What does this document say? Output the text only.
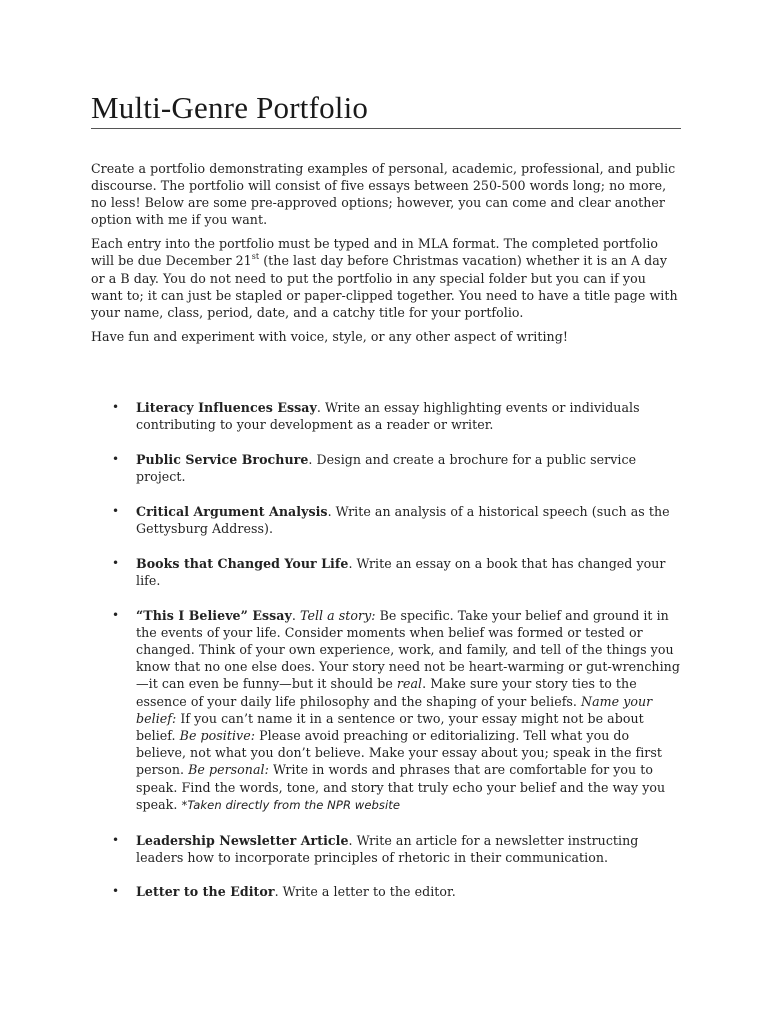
Multi-Genre Portfolio

Create a portfolio demonstrating examples of personal, academic, professional, and public discourse. The portfolio will consist of five essays between 250-500 words long; no more, no less! Below are some pre-approved options; however, you can come and clear another option with me if you want.

Each entry into the portfolio must be typed and in MLA format. The completed portfolio will be due December 21st (the last day before Christmas vacation) whether it is an A day or a B day. You do not need to put the portfolio in any special folder but you can if you want to; it can just be stapled or paper-clipped together. You need to have a title page with your name, class, period, date, and a catchy title for your portfolio.

Have fun and experiment with voice, style, or any other aspect of writing!

• Literacy Influences Essay. Write an essay highlighting events or individuals contributing to your development as a reader or writer.
• Public Service Brochure. Design and create a brochure for a public service project.
• Critical Argument Analysis. Write an analysis of a historical speech (such as the Gettysburg Address).
• Books that Changed Your Life. Write an essay on a book that has changed your life.
• “This I Believe” Essay. Tell a story: Be specific. Take your belief and ground it in the events of your life. Consider moments when belief was formed or tested or changed. Think of your own experience, work, and family, and tell of the things you know that no one else does. Your story need not be heart-warming or gut-wrenching—it can even be funny—but it should be real. Make sure your story ties to the essence of your daily life philosophy and the shaping of your beliefs. Name your belief: If you can’t name it in a sentence or two, your essay might not be about belief. Be positive: Please avoid preaching or editorializing. Tell what you do believe, not what you don’t believe. Make your essay about you; speak in the first person. Be personal: Write in words and phrases that are comfortable for you to speak. Find the words, tone, and story that truly echo your belief and the way you speak. *Taken directly from the NPR website
• Leadership Newsletter Article. Write an article for a newsletter instructing leaders how to incorporate principles of rhetoric in their communication.
• Letter to the Editor. Write a letter to the editor.
